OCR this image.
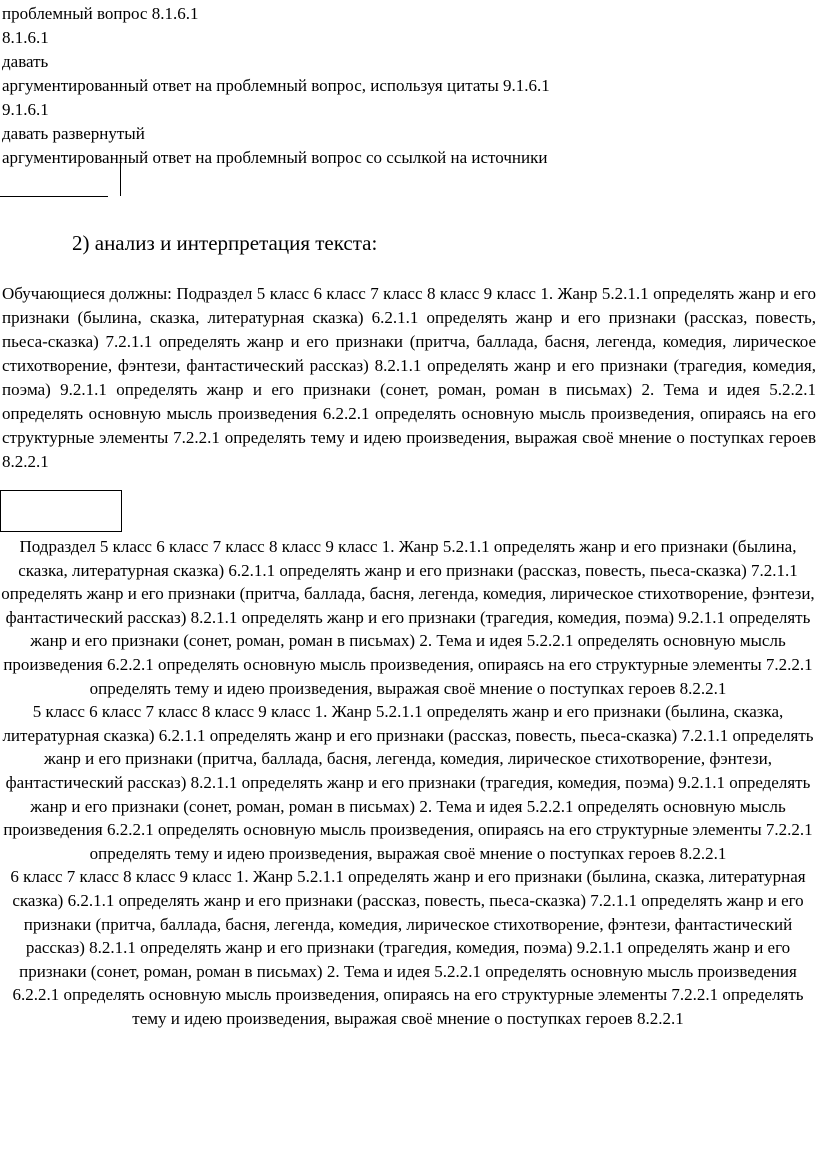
проблемный вопрос 8.1.6.1
8.1.6.1
давать
аргументированный ответ на проблемный вопрос, используя цитаты 9.1.6.1
9.1.6.1
давать развернутый
аргументированный ответ на проблемный вопрос со ссылкой на источники
2) анализ и интерпретация текста:
Обучающиеся должны: Подраздел 5 класс 6 класс 7 класс 8 класс 9 класс 1. Жанр 5.2.1.1 определять жанр и его признаки (былина, сказка, литературная сказка) 6.2.1.1 определять жанр и его признаки (рассказ, повесть, пьеса-сказка) 7.2.1.1 определять жанр и его признаки (притча, баллада, басня, легенда, комедия, лирическое стихотворение, фэнтези, фантастический рассказ) 8.2.1.1 определять жанр и его признаки (трагедия, комедия, поэма) 9.2.1.1 определять жанр и его признаки (сонет, роман, роман в письмах) 2. Тема и идея 5.2.2.1 определять основную мысль произведения 6.2.2.1 определять основную мысль произведения, опираясь на его структурные элементы 7.2.2.1 определять тему и идею произведения, выражая своё мнение о поступках героев 8.2.2.1

Подраздел 5 класс 6 класс 7 класс 8 класс 9 класс 1. Жанр 5.2.1.1 определять жанр и его признаки (былина, сказка, литературная сказка) 6.2.1.1 определять жанр и его признаки (рассказ, повесть, пьеса-сказка) 7.2.1.1 определять жанр и его признаки (притча, баллада, басня, легенда, комедия, лирическое стихотворение, фэнтези, фантастический рассказ) 8.2.1.1 определять жанр и его признаки (трагедия, комедия, поэма) 9.2.1.1 определять жанр и его признаки (сонет, роман, роман в письмах) 2. Тема и идея 5.2.2.1 определять основную мысль произведения 6.2.2.1 определять основную мысль произведения, опираясь на его структурные элементы 7.2.2.1 определять тему и идею произведения, выражая своё мнение о поступках героев 8.2.2.1

5 класс 6 класс 7 класс 8 класс 9 класс 1. Жанр 5.2.1.1 определять жанр и его признаки (былина, сказка, литературная сказка) 6.2.1.1 определять жанр и его признаки (рассказ, повесть, пьеса-сказка) 7.2.1.1 определять жанр и его признаки (притча, баллада, басня, легенда, комедия, лирическое стихотворение, фэнтези, фантастический рассказ) 8.2.1.1 определять жанр и его признаки (трагедия, комедия, поэма) 9.2.1.1 определять жанр и его признаки (сонет, роман, роман в письмах) 2. Тема и идея 5.2.2.1 определять основную мысль произведения 6.2.2.1 определять основную мысль произведения, опираясь на его структурные элементы 7.2.2.1 определять тему и идею произведения, выражая своё мнение о поступках героев 8.2.2.1

6 класс 7 класс 8 класс 9 класс 1. Жанр 5.2.1.1 определять жанр и его признаки (былина, сказка, литературная сказка) 6.2.1.1 определять жанр и его признаки (рассказ, повесть, пьеса-сказка) 7.2.1.1 определять жанр и его признаки (притча, баллада, басня, легенда, комедия, лирическое стихотворение, фэнтези, фантастический рассказ) 8.2.1.1 определять жанр и его признаки (трагедия, комедия, поэма) 9.2.1.1 определять жанр и его признаки (сонет, роман, роман в письмах) 2. Тема и идея 5.2.2.1 определять основную мысль произведения 6.2.2.1 определять основную мысль произведения, опираясь на его структурные элементы 7.2.2.1 определять тему и идею произведения, выражая своё мнение о поступках героев 8.2.2.1
